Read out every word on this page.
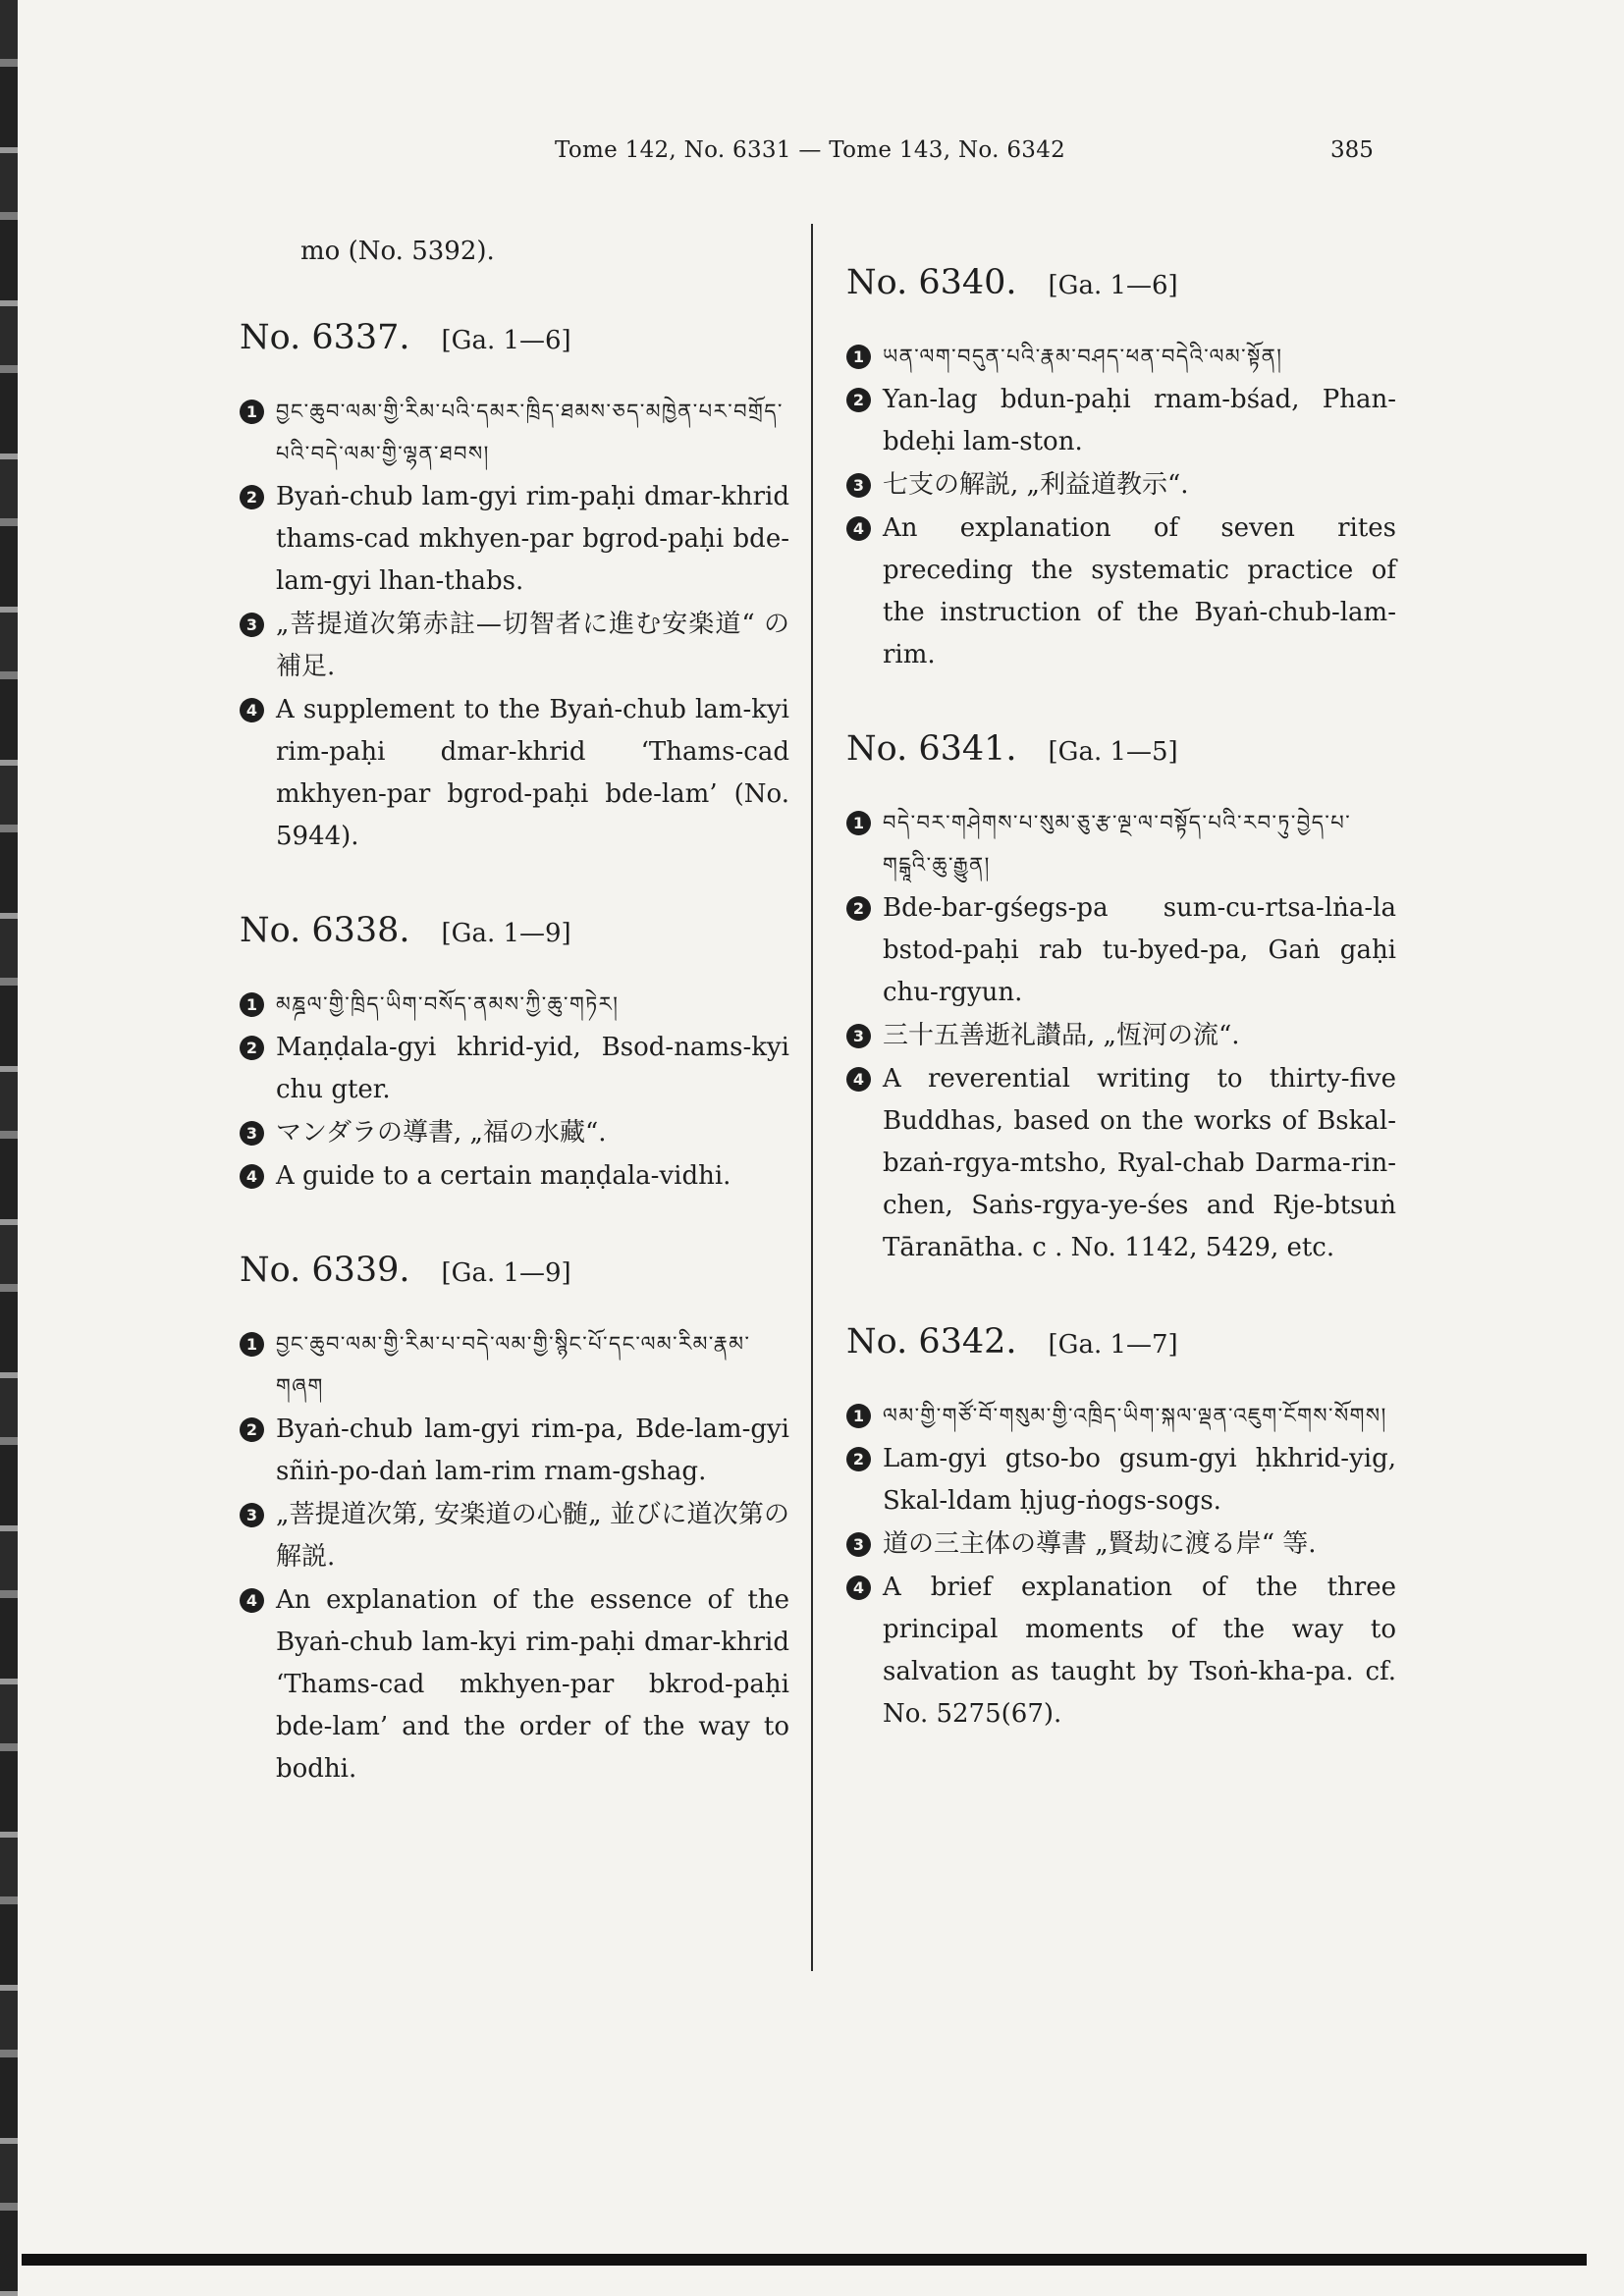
Tome 142, No. 6331 — Tome 143, No. 6342	385
mo (No. 5392).
No. 6337. [Ga. 1—6]
1 བྱང་ཆུབ་ལམ་གྱི་རིམ་པའི་དམར་ཁྲིད་ཐམས་ཅད་མཁྱེན་པར་བགྲོད་པའི་བདེ་ལམ་གྱི་ལྷན་ཐབས།
2 Byaṅ-chub lam-gyi rim-paḥi dmar-khrid thams-cad mkhyen-par bgrod-paḥi bde-lam-gyi lhan-thabs.
3 „菩提道次第赤註—切智者に進む安楽道“ の補足.
4 A supplement to the Byaṅ-chub lam-kyi rim-paḥi dmar-khrid ‘Thams-cad mkhyen-par bgrod-paḥi bde-lam’ (No. 5944).
No. 6338. [Ga. 1—9]
1 མཎྜལ་གྱི་ཁྲིད་ཡིག་བསོད་ནམས་ཀྱི་ཆུ་གཏེར།
2 Maṇḍala-gyi khrid-yid, Bsod-nams-kyi chu gter.
3 マンダラの導書, „福の水藏“.
4 A guide to a certain maṇḍala-vidhi.
No. 6339. [Ga. 1—9]
1 བྱང་ཆུབ་ལམ་གྱི་རིམ་པ་བདེ་ལམ་གྱི་སྙིང་པོ་དང་ལམ་རིམ་རྣམ་གཞག
2 Byaṅ-chub lam-gyi rim-pa, Bde-lam-gyi sñiṅ-po-daṅ lam-rim rnam-gshag.
3 „菩提道次第, 安楽道の心髄„ 並びに道次第の解説.
4 An explanation of the essence of the Byaṅ-chub lam-kyi rim-paḥi dmar-khrid ‘Thams-cad mkhyen-par bkrod-paḥi bde-lam’ and the order of the way to bodhi.
No. 6340. [Ga. 1—6]
1 ཡན་ལག་བདུན་པའི་རྣམ་བཤད་ཕན་བདེའི་ལམ་སྟོན།
2 Yan-lag bdun-paḥi rnam-bśad, Phan-bdeḥi lam-ston.
3 七支の解説, „利益道教示“.
4 An explanation of seven rites preceding the systematic practice of the instruction of the Byaṅ-chub-lam-rim.
No. 6341. [Ga. 1—5]
1 བདེ་བར་གཤེགས་པ་སུམ་ཅུ་རྩ་ལྔ་ལ་བསྟོད་པའི་རབ་ཏུ་བྱེད་པ་གངྒཱའི་ཆུ་རྒྱུན།
2 Bde-bar-gśegs-pa sum-cu-rtsa-lṅa-la bstod-paḥi rab tu-byed-pa, Gaṅ gaḥi chu-rgyun.
3 三十五善逝礼讃品, „恆河の流“.
4 A reverential writing to thirty-five Buddhas, based on the works of Bskal-bzaṅ-rgya-mtsho, Ryal-chab Darma-rin-chen, Saṅs-rgya-ye-śes and Rje-btsuṅ Tāranātha. c . No. 1142, 5429, etc.
No. 6342. [Ga. 1—7]
1 ལམ་གྱི་གཙོ་བོ་གསུམ་གྱི་འཁྲིད་ཡིག་སྐལ་ལྡན་འཇུག་ངོགས་སོགས།
2 Lam-gyi gtso-bo gsum-gyi ḥkhrid-yig, Skal-ldam ḥjug-ṅogs-sogs.
3 道の三主体の導書 „賢劫に渡る岸“ 等.
4 A brief explanation of the three principal moments of the way to salvation as taught by Tsoṅ-kha-pa. cf. No. 5275(67).
